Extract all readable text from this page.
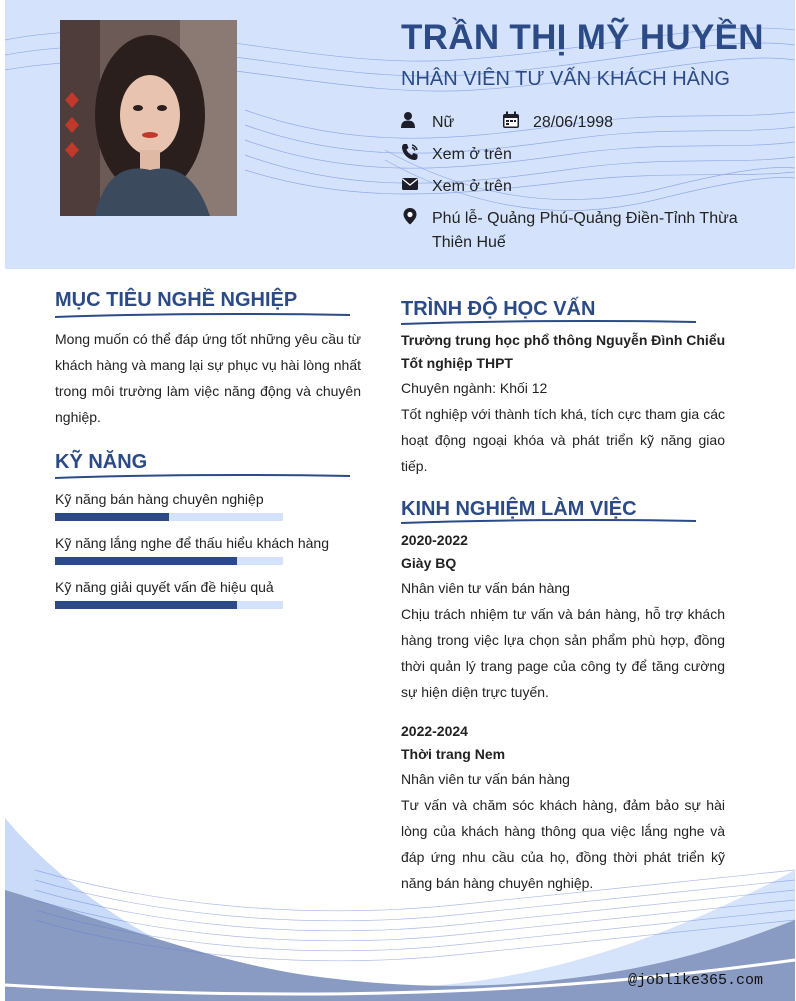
TRẦN THỊ MỸ HUYỀN
NHÂN VIÊN TƯ VẤN KHÁCH HÀNG
Nữ	28/06/1998
Xem ở trên
Xem ở trên
Phú lễ- Quảng Phú-Quảng Điền-Tỉnh Thừa Thiên Huế
MỤC TIÊU NGHỀ NGHIỆP

Mong muốn có thể đáp ứng tốt những yêu cầu từ khách hàng và mang lại sự phục vụ hài lòng nhất trong môi trường làm việc năng động và chuyên nghiệp.

KỸ NĂNG
Kỹ năng bán hàng chuyên nghiệp
Kỹ năng lắng nghe để thấu hiểu khách hàng
Kỹ năng giải quyết vấn đề hiệu quả
TRÌNH ĐỘ HỌC VẤN
Trường trung học phổ thông Nguyễn Đình Chiểu
Tốt nghiệp THPT
Chuyên ngành: Khối 12

Tốt nghiệp với thành tích khá, tích cực tham gia các hoạt động ngoại khóa và phát triển kỹ năng giao tiếp.

KINH NGHIỆM LÀM VIỆC
2020-2022
Giày BQ
Nhân viên tư vấn bán hàng

Chịu trách nhiệm tư vấn và bán hàng, hỗ trợ khách hàng trong việc lựa chọn sản phẩm phù hợp, đồng thời quản lý trang page của công ty để tăng cường sự hiện diện trực tuyến.

2022-2024
Thời trang Nem
Nhân viên tư vấn bán hàng

Tư vấn và chăm sóc khách hàng, đảm bảo sự hài lòng của khách hàng thông qua việc lắng nghe và đáp ứng nhu cầu của họ, đồng thời phát triển kỹ năng bán hàng chuyên nghiệp.

@joblike365.com
